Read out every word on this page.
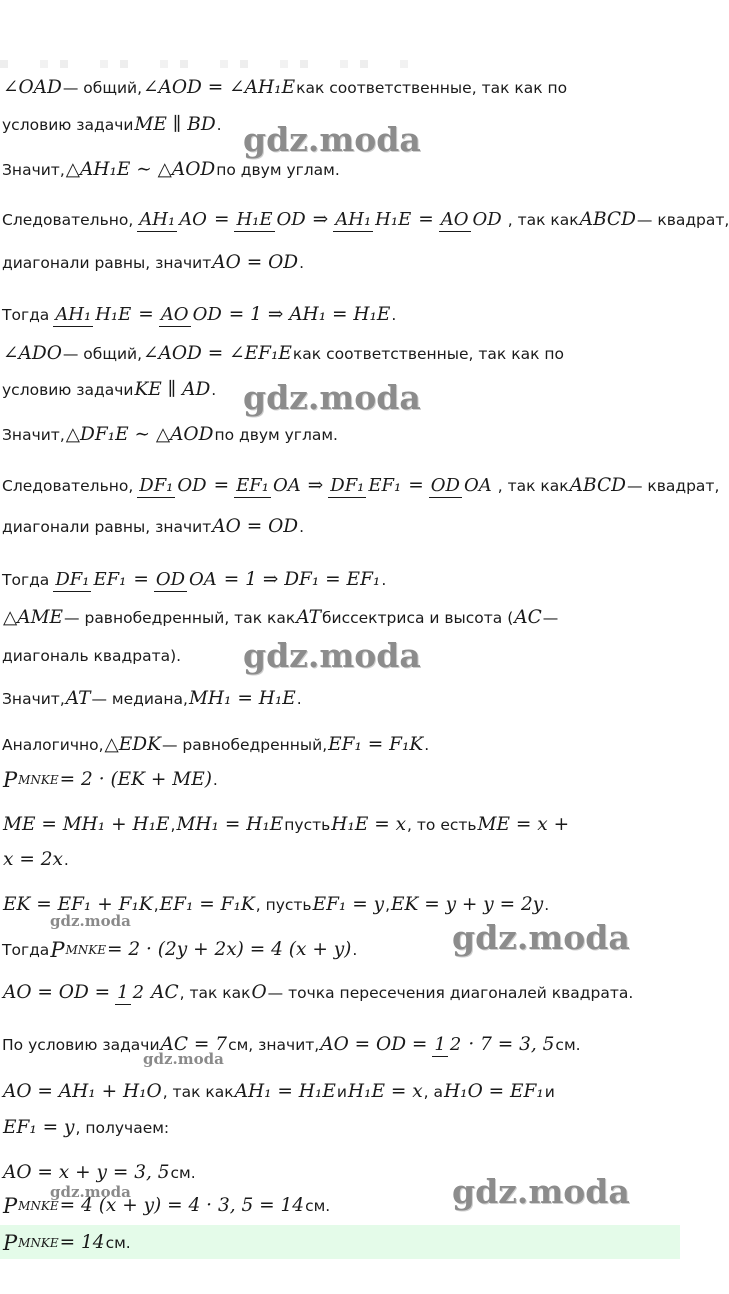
∠OAD — общий, ∠AOD = ∠AH₁E как соответственные, так как по
условию задачи ME ∥ BD .
Значит, △AH₁E ∼ △AOD по двум углам.
Следовательно, AH₁ AO = H₁E OD ⇒ AH₁ H₁E = AO OD , так как ABCD — квадрат,
диагонали равны, значит AO = OD .
Тогда AH₁ H₁E = AO OD = 1 ⇒ AH₁ = H₁E .
∠ADO — общий, ∠AOD = ∠EF₁E как соответственные, так как по
условию задачи KE ∥ AD .
Значит, △DF₁E ∼ △AOD по двум углам.
Следовательно, DF₁ OD = EF₁ OA ⇒ DF₁ EF₁ = OD OA , так как ABCD — квадрат,
диагонали равны, значит AO = OD .
Тогда DF₁ EF₁ = OD OA = 1 ⇒ DF₁ = EF₁ .
△AME — равнобедренный, так как AT биссектриса и высота ( AC —
диагональ квадрата).
Значит, AT — медиана, MH₁ = H₁E .
Аналогично, △EDK — равнобедренный, EF₁ = F₁K .
P MNKE = 2 · (EK + ME) .
ME = MH₁ + H₁E , MH₁ = H₁E пусть H₁E = x , то есть ME = x +
x = 2x .
EK = EF₁ + F₁K , EF₁ = F₁K , пусть EF₁ = y , EK = y + y = 2y .
Тогда P MNKE = 2 · (2y + 2x) = 4 (x + y) .
AO = OD = 1 2 AC , так как O — точка пересечения диагоналей квадрата.
По условию задачи AC = 7 см, значит, AO = OD = 1 2 · 7 = 3, 5 см.
AO = AH₁ + H₁O , так как AH₁ = H₁E и H₁E = x , а H₁O = EF₁ и
EF₁ = y , получаем:
AO = x + y = 3, 5 см.
P MNKE = 4 (x + y) = 4 · 3, 5 = 14 см.
P MNKE = 14 см.
gdz.moda
gdz.moda
gdz.moda
gdz.moda
gdz.moda
gdz.moda
gdz.moda
gdz.moda
